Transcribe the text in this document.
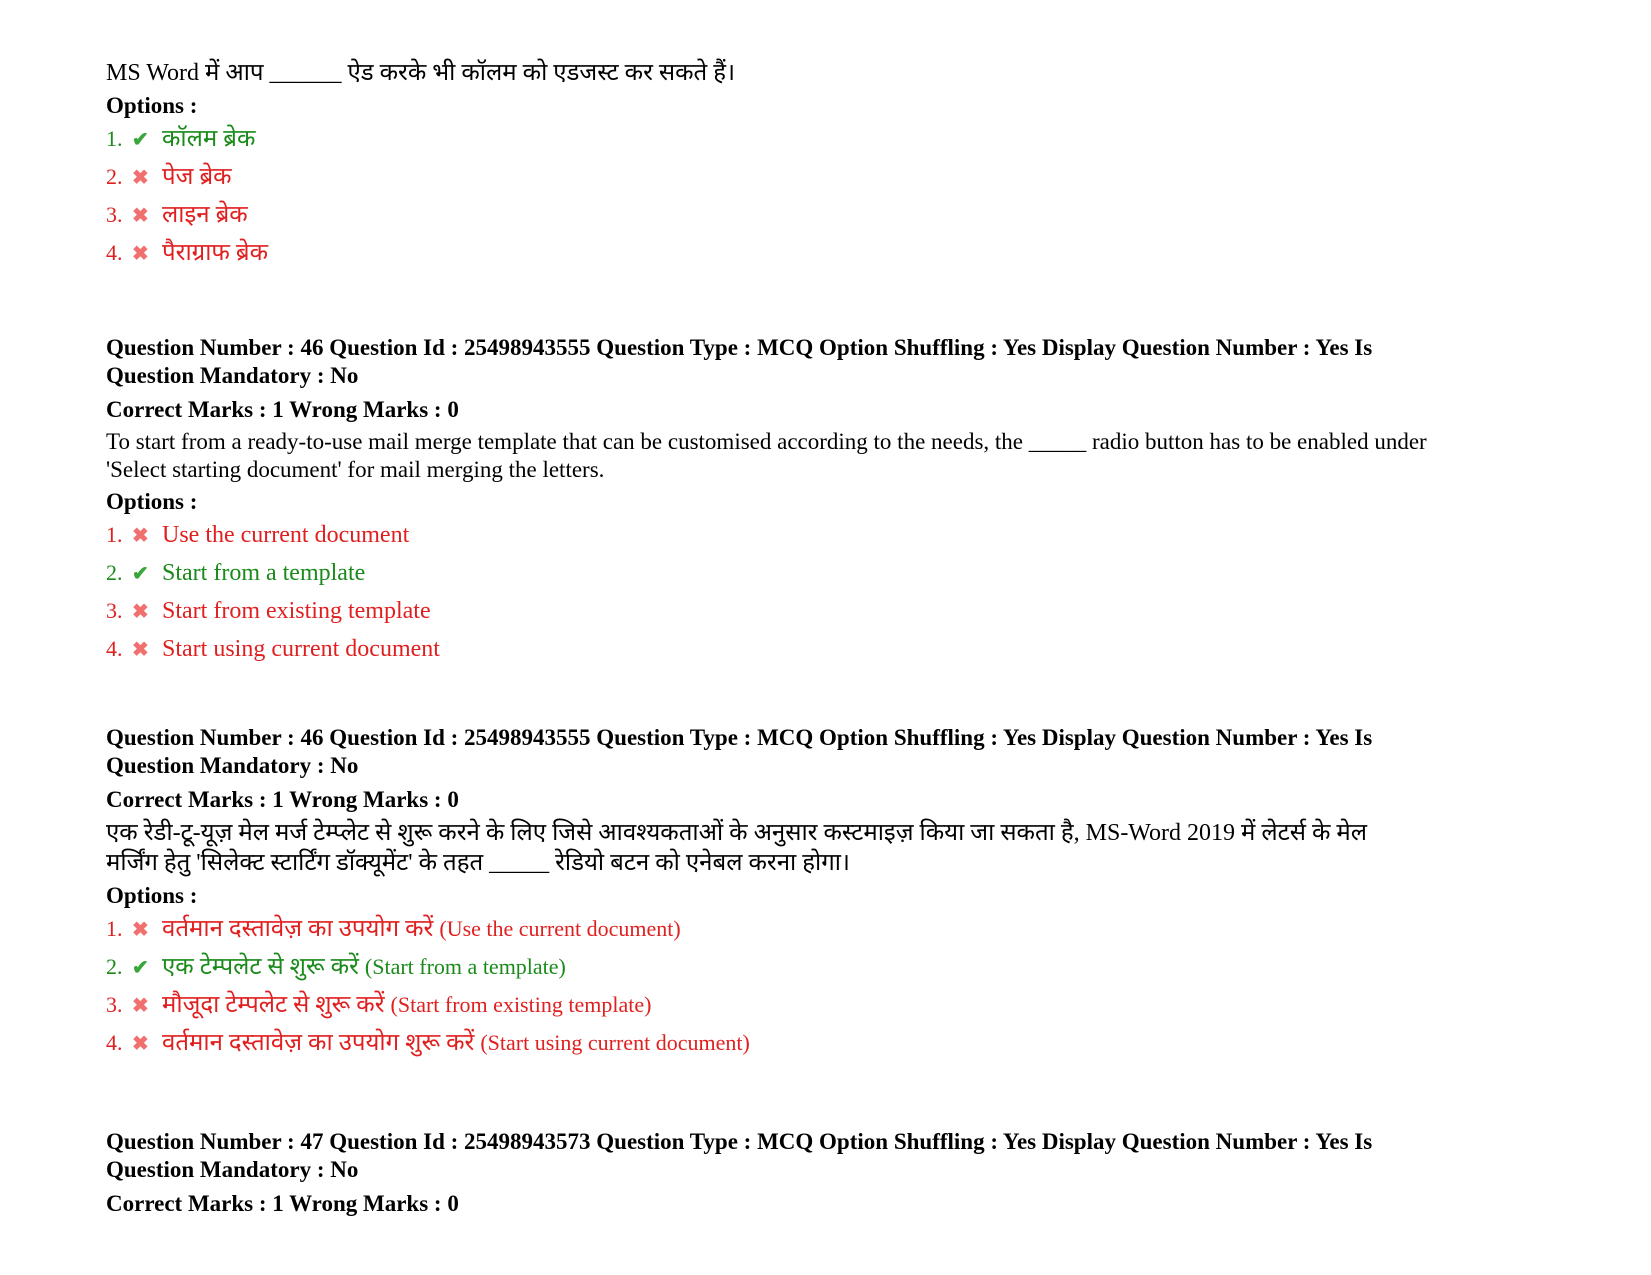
MS Word में आप ______ ऐड करके भी कॉलम को एडजस्ट कर सकते हैं।

Options :

1. ✔ कॉलम ब्रेक
2. ✖ पेज ब्रेक
3. ✖ लाइन ब्रेक
4. ✖ पैराग्राफ ब्रेक

Question Number : 46 Question Id : 25498943555 Question Type : MCQ Option Shuffling : Yes Display Question Number : Yes Is

Question Mandatory : No

Correct Marks : 1 Wrong Marks : 0

To start from a ready-to-use mail merge template that can be customised according to the needs, the _____ radio button has to be enabled under

'Select starting document' for mail merging the letters.

Options :

1. ✖ Use the current document
2. ✔ Start from a template
3. ✖ Start from existing template
4. ✖ Start using current document

Question Number : 46 Question Id : 25498943555 Question Type : MCQ Option Shuffling : Yes Display Question Number : Yes Is

Question Mandatory : No

Correct Marks : 1 Wrong Marks : 0

एक रेडी-टू-यूज़ मेल मर्ज टेम्प्लेट से शुरू करने के लिए जिसे आवश्यकताओं के अनुसार कस्टमाइज़ किया जा सकता है, MS-Word 2019 में लेटर्स के मेल

मर्जिंग हेतु 'सिलेक्ट स्टार्टिंग डॉक्यूमेंट' के तहत _____ रेडियो बटन को एनेबल करना होगा।

Options :

1. ✖ वर्तमान दस्तावेज़ का उपयोग करें
(Use the current document)
2. ✔ एक टेम्पलेट से शुरू करें
(Start from a template)
3. ✖ मौजूदा टेम्पलेट से शुरू करें
(Start from existing template)
4. ✖ वर्तमान दस्तावेज़ का उपयोग शुरू करें
(Start using current document)

Question Number : 47 Question Id : 25498943573 Question Type : MCQ Option Shuffling : Yes Display Question Number : Yes Is

Question Mandatory : No

Correct Marks : 1 Wrong Marks : 0
